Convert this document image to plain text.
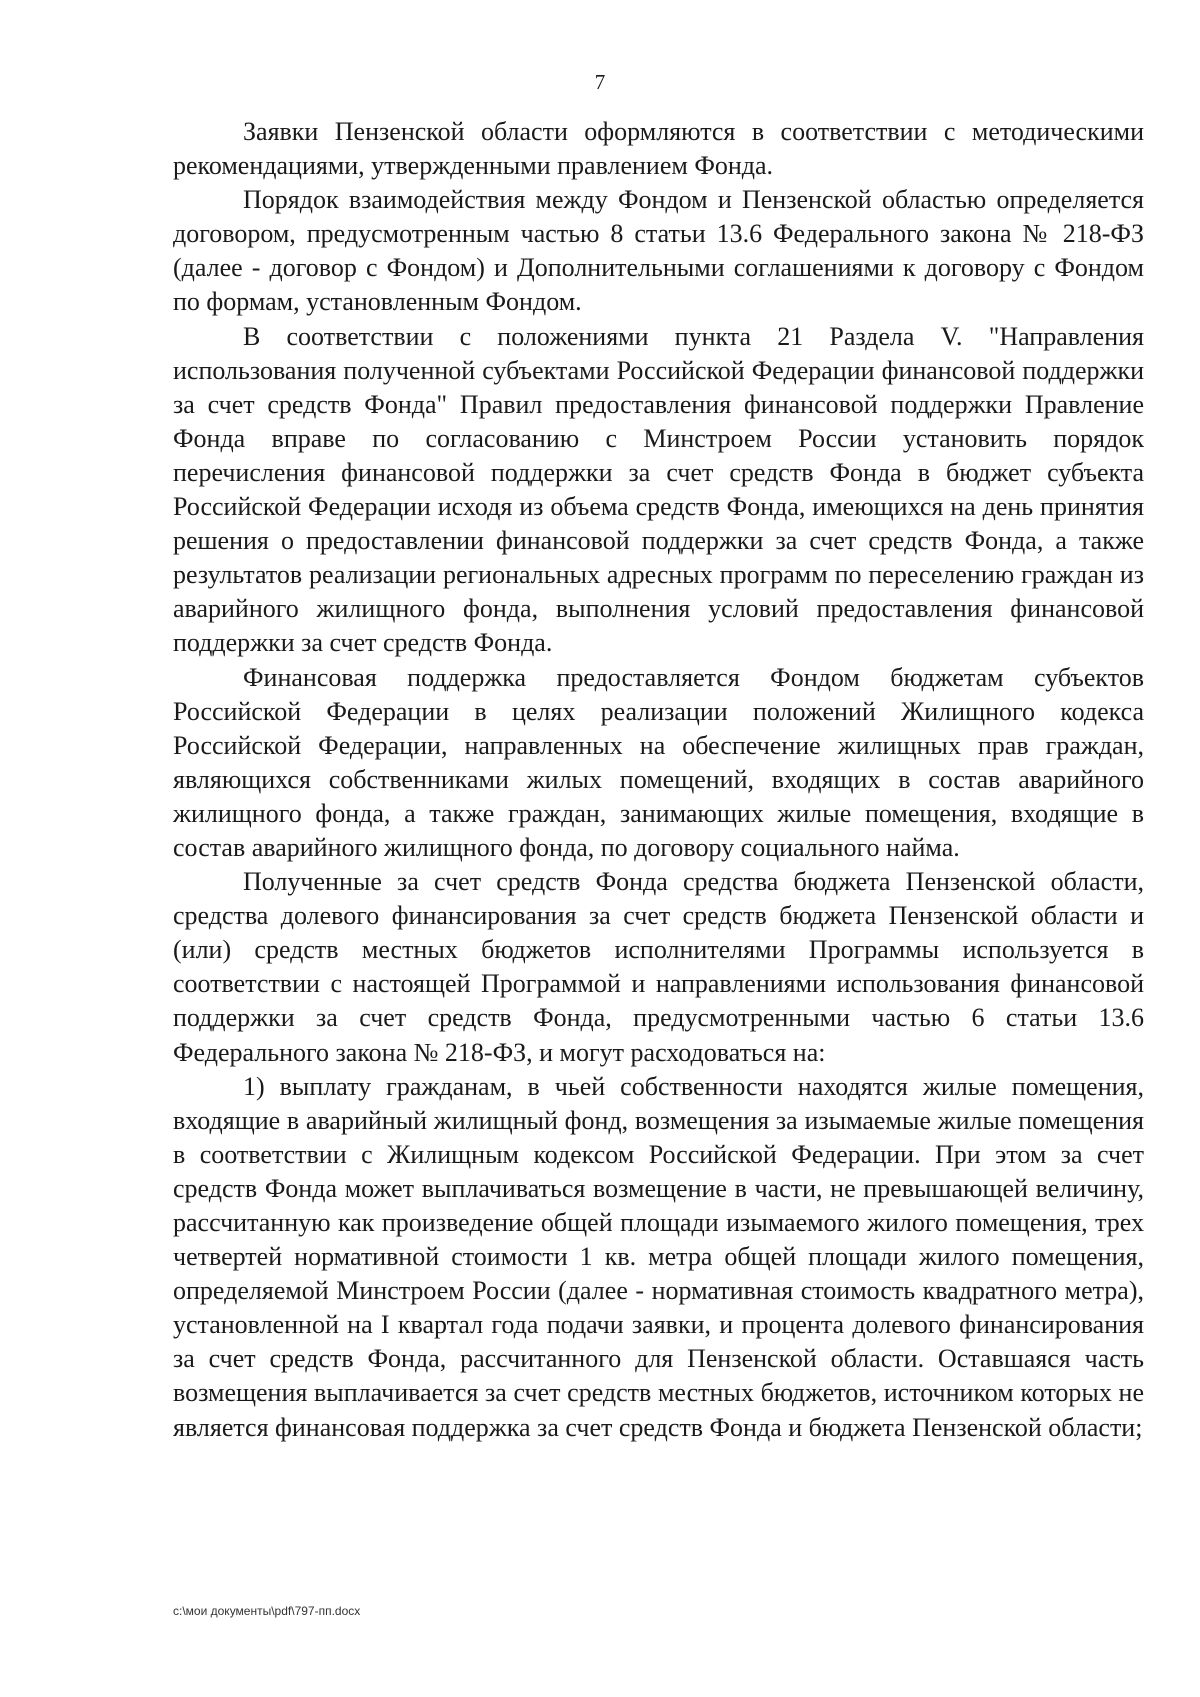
7

Заявки Пензенской области оформляются в соответствии с методическими рекомендациями, утвержденными правлением Фонда.

Порядок взаимодействия между Фондом и Пензенской областью определяется договором, предусмотренным частью 8 статьи 13.6 Федерального закона № 218-ФЗ (далее - договор с Фондом) и Дополнительными соглашениями к договору с Фондом по формам, установленным Фондом.

В соответствии с положениями пункта 21 Раздела V. "Направления использования полученной субъектами Российской Федерации финансовой поддержки за счет средств Фонда" Правил предоставления финансовой поддержки Правление Фонда вправе по согласованию с Минстроем России установить порядок перечисления финансовой поддержки за счет средств Фонда в бюджет субъекта Российской Федерации исходя из объема средств Фонда, имеющихся на день принятия решения о предоставлении финансовой поддержки за счет средств Фонда, а также результатов реализации региональных адресных программ по переселению граждан из аварийного жилищного фонда, выполнения условий предоставления финансовой поддержки за счет средств Фонда.

Финансовая поддержка предоставляется Фондом бюджетам субъектов Российской Федерации в целях реализации положений Жилищного кодекса Российской Федерации, направленных на обеспечение жилищных прав граждан, являющихся собственниками жилых помещений, входящих в состав аварийного жилищного фонда, а также граждан, занимающих жилые помещения, входящие в состав аварийного жилищного фонда, по договору социального найма.

Полученные за счет средств Фонда средства бюджета Пензенской области, средства долевого финансирования за счет средств бюджета Пензенской области и (или) средств местных бюджетов исполнителями Программы используется в соответствии с настоящей Программой и направлениями использования финансовой поддержки за счет средств Фонда, предусмотренными частью 6 статьи 13.6 Федерального закона № 218-ФЗ, и могут расходоваться на:

1) выплату гражданам, в чьей собственности находятся жилые помещения, входящие в аварийный жилищный фонд, возмещения за изымаемые жилые помещения в соответствии с Жилищным кодексом Российской Федерации. При этом за счет средств Фонда может выплачиваться возмещение в части, не превышающей величину, рассчитанную как произведение общей площади изымаемого жилого помещения, трех четвертей нормативной стоимости 1 кв. метра общей площади жилого помещения, определяемой Минстроем России (далее - нормативная стоимость квадратного метра), установленной на I квартал года подачи заявки, и процента долевого финансирования за счет средств Фонда, рассчитанного для Пензенской области. Оставшаяся часть возмещения выплачивается за счет средств местных бюджетов, источником которых не является финансовая поддержка за счет средств Фонда и бюджета Пензенской области;

c:\мои документы\pdf\797-пп.docx
